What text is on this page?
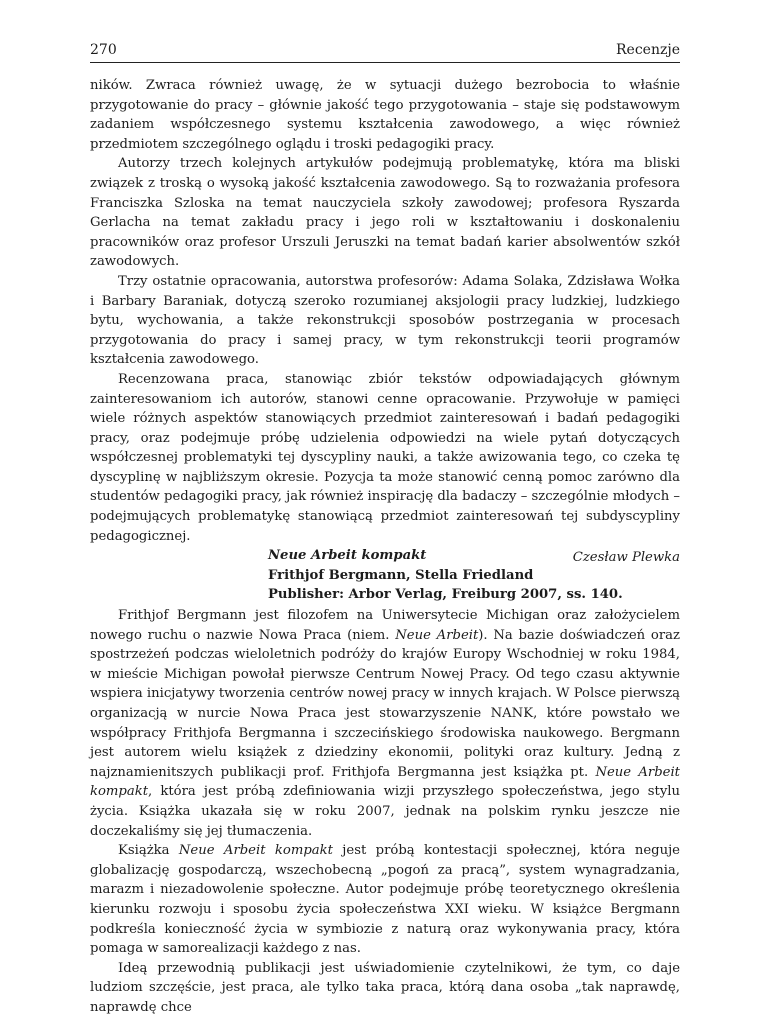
270	Recenzje

ników. Zwraca również uwagę, że w sytuacji dużego bezrobocia to właśnie przygotowanie do pracy – głównie jakość tego przygotowania – staje się podstawowym zadaniem współczesnego systemu kształcenia zawodowego, a więc również przedmiotem szczególnego oglądu i troski pedagogiki pracy.

Autorzy trzech kolejnych artykułów podejmują problematykę, która ma bliski związek z troską o wysoką jakość kształcenia zawodowego. Są to rozważania profesora Franciszka Szloska na temat nauczyciela szkoły zawodowej; profesora Ryszarda Gerlacha na temat zakładu pracy i jego roli w kształtowaniu i doskonaleniu pracowników oraz profesor Urszuli Jeruszki na temat badań karier absolwentów szkół zawodowych.

Trzy ostatnie opracowania, autorstwa profesorów: Adama Solaka, Zdzisława Wołka i Barbary Baraniak, dotyczą szeroko rozumianej aksjologii pracy ludzkiej, ludzkiego bytu, wychowania, a także rekonstrukcji sposobów postrzegania w procesach przygotowania do pracy i samej pracy, w tym rekonstrukcji teorii programów kształcenia zawodowego.

Recenzowana praca, stanowiąc zbiór tekstów odpowiadających głównym zainteresowaniom ich autorów, stanowi cenne opracowanie. Przywołuje w pamięci wiele różnych aspektów stanowiących przedmiot zainteresowań i badań pedagogiki pracy, oraz podejmuje próbę udzielenia odpowiedzi na wiele pytań dotyczących współczesnej problematyki tej dyscypliny nauki, a także awizowania tego, co czeka tę dyscyplinę w najbliższym okresie. Pozycja ta może stanowić cenną pomoc zarówno dla studentów pedagogiki pracy, jak również inspirację dla badaczy – szczególnie młodych – podejmujących problematykę stanowiącą przedmiot zainteresowań tej subdyscypliny pedagogicznej.

Czesław Plewka
Neue Arbeit kompakt
Frithjof Bergmann, Stella Friedland
Publisher: Arbor Verlag, Freiburg 2007, ss. 140.

Frithjof Bergmann jest filozofem na Uniwersytecie Michigan oraz założycielem nowego ruchu o nazwie Nowa Praca (niem. Neue Arbeit). Na bazie doświadczeń oraz spostrzeżeń podczas wieloletnich podróży do krajów Europy Wschodniej w roku 1984, w mieście Michigan powołał pierwsze Centrum Nowej Pracy. Od tego czasu aktywnie wspiera inicjatywy tworzenia centrów nowej pracy w innych krajach. W Polsce pierwszą organizacją w nurcie Nowa Praca jest stowarzyszenie NANK, które powstało we współpracy Frithjofa Bergmanna i szczecińskiego środowiska naukowego. Bergmann jest autorem wielu książek z dziedziny ekonomii, polityki oraz kultury. Jedną z najznamienitszych publikacji prof. Frithjofa Bergmanna jest książka pt. Neue Arbeit kompakt, która jest próbą zdefiniowania wizji przyszłego społeczeństwa, jego stylu życia. Książka ukazała się w roku 2007, jednak na polskim rynku jeszcze nie doczekaliśmy się jej tłumaczenia.

Książka Neue Arbeit kompakt jest próbą kontestacji społecznej, która neguje globalizację gospodarczą, wszechobecną „pogoń za pracą”, system wynagradzania, marazm i niezadowolenie społeczne. Autor podejmuje próbę teoretycznego określenia kierunku rozwoju i sposobu życia społeczeństwa XXI wieku. W książce Bergmann podkreśla konieczność życia w symbiozie z naturą oraz wykonywania pracy, która pomaga w samorealizacji każdego z nas.

Ideą przewodnią publikacji jest uświadomienie czytelnikowi, że tym, co daje ludziom szczęście, jest praca, ale tylko taka praca, którą dana osoba „tak naprawdę, naprawdę chce
